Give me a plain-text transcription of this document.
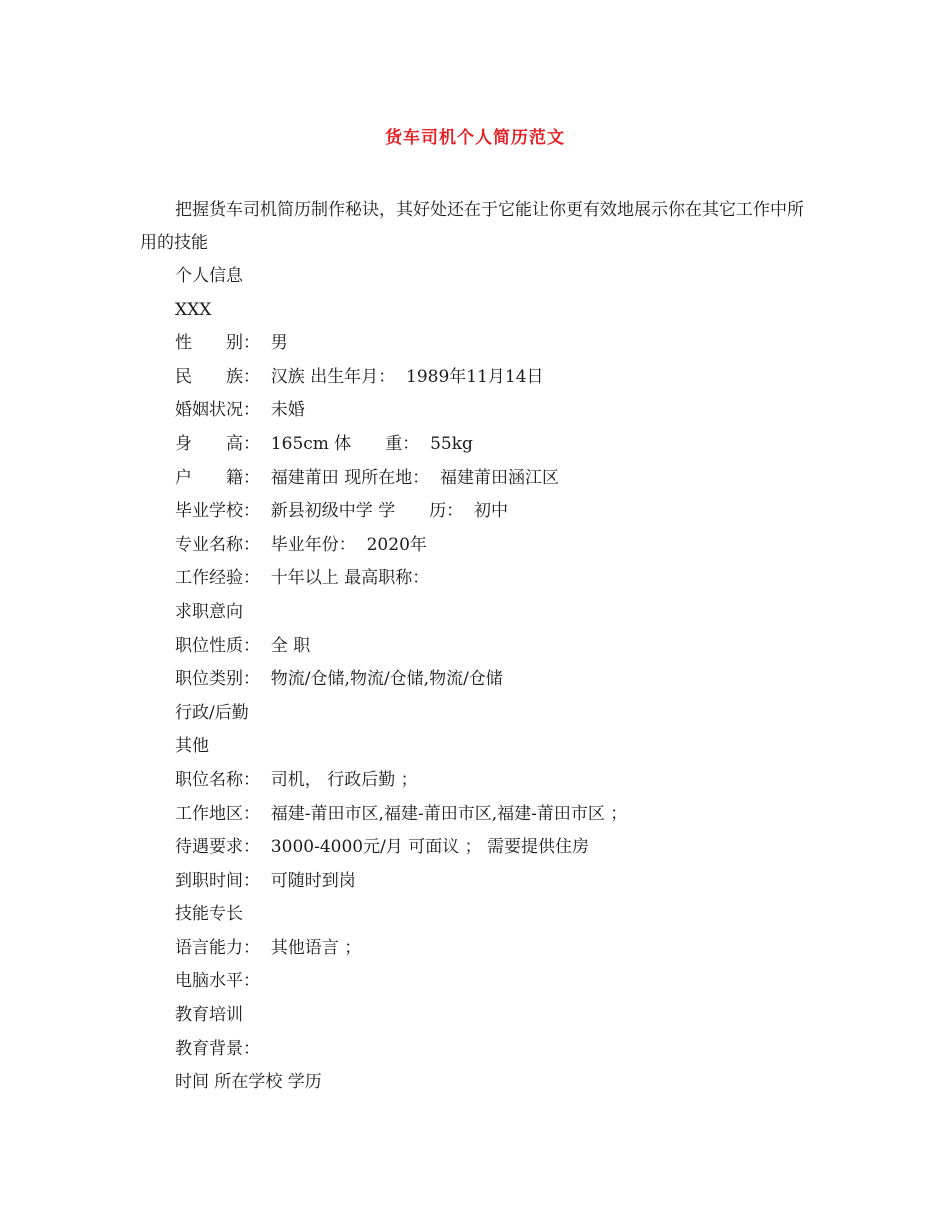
货车司机个人简历范文

把握货车司机简历制作秘诀，其好处还在于它能让你更有效地展示你在其它工作中所用的技能

个人信息
XXX
性　　别：  男
民　　族：  汉族 出生年月：  1989年11月14日
婚姻状况：  未婚
身　　高：  165cm 体　　重：  55kg
户　　籍：  福建莆田 现所在地：  福建莆田涵江区
毕业学校：  新县初级中学 学　　历：  初中
专业名称：  毕业年份：  2020年
工作经验：  十年以上 最高职称：
求职意向
职位性质：  全 职
职位类别：  物流/仓储,物流/仓储,物流/仓储
行政/后勤
其他
职位名称：  司机， 行政后勤 ；
工作地区：  福建-莆田市区,福建-莆田市区,福建-莆田市区 ；
待遇要求：  3000-4000元/月 可面议 ； 需要提供住房
到职时间：  可随时到岗
技能专长
语言能力：  其他语言 ；
电脑水平：
教育培训
教育背景：
时间 所在学校 学历
